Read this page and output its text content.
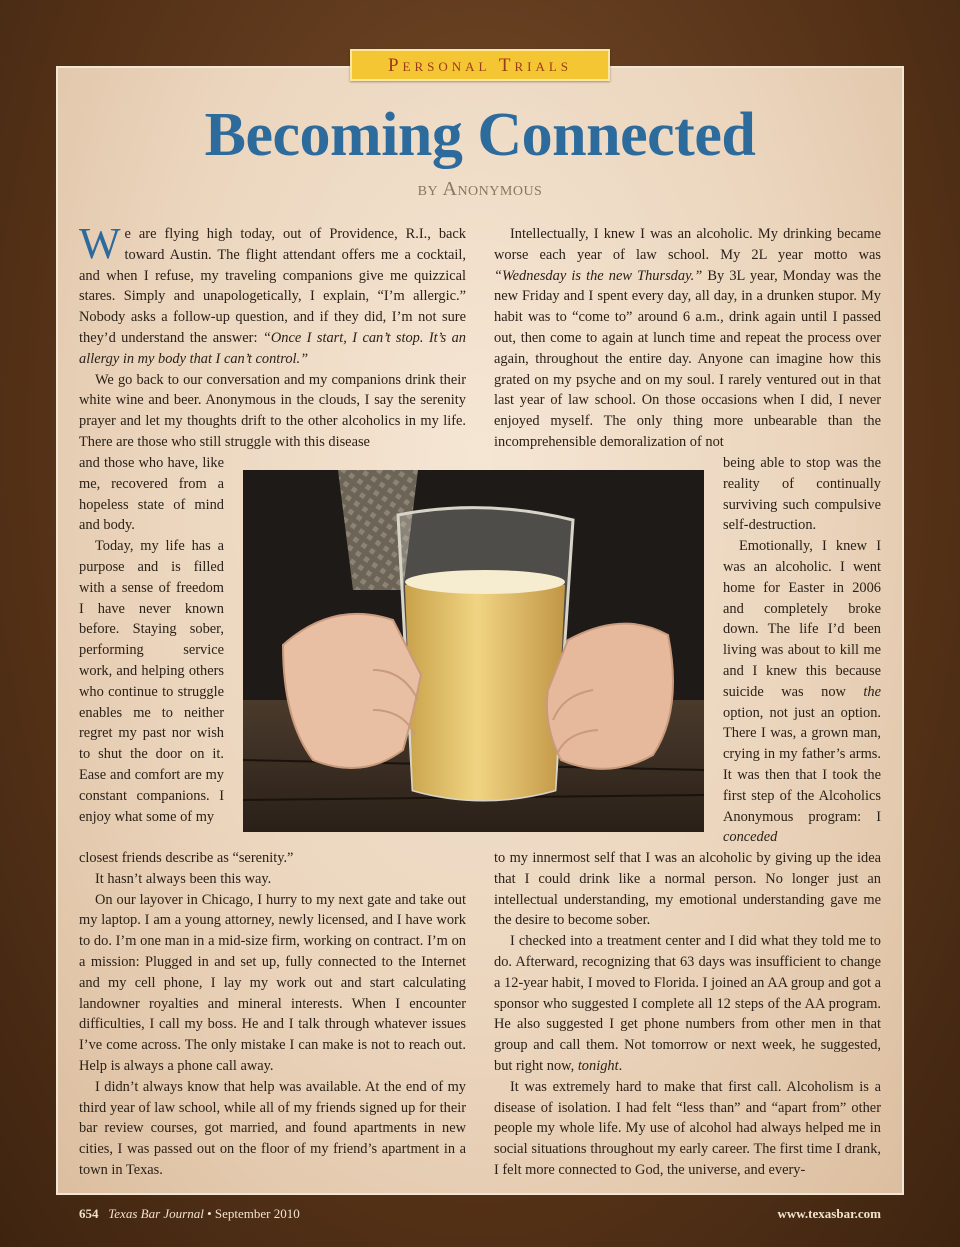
Personal Trials
Becoming Connected
by Anonymous

We are flying high today, out of Providence, R.I., back toward Austin. The flight attendant offers me a cocktail, and when I refuse, my traveling companions give me quizzical stares. Simply and unapologetically, I explain, “I’m allergic.” Nobody asks a follow-up question, and if they did, I’m not sure they’d understand the answer: “Once I start, I can’t stop. It’s an allergy in my body that I can’t control.”

We go back to our conversation and my companions drink their white wine and beer. Anonymous in the clouds, I say the serenity prayer and let my thoughts drift to the other alcoholics in my life. There are those who still struggle with this disease

and those who have, like me, recovered from a hopeless state of mind and body.

Today, my life has a purpose and is filled with a sense of freedom I have never known before. Staying sober, performing service work, and helping others who continue to struggle enables me to neither regret my past nor wish to shut the door on it. Ease and comfort are my constant companions. I enjoy what some of my

closest friends describe as “serenity.”

It hasn’t always been this way.

On our layover in Chicago, I hurry to my next gate and take out my laptop. I am a young attorney, newly licensed, and I have work to do. I’m one man in a mid-size firm, working on contract. I’m on a mission: Plugged in and set up, fully connected to the Internet and my cell phone, I lay my work out and start calculating landowner royalties and mineral interests. When I encounter difficulties, I call my boss. He and I talk through whatever issues I’ve come across. The only mistake I can make is not to reach out. Help is always a phone call away.

I didn’t always know that help was available. At the end of my third year of law school, while all of my friends signed up for their bar review courses, got married, and found apartments in new cities, I was passed out on the floor of my friend’s apartment in a town in Texas.

Intellectually, I knew I was an alcoholic. My drinking became worse each year of law school. My 2L year motto was “Wednesday is the new Thursday.” By 3L year, Monday was the new Friday and I spent every day, all day, in a drunken stupor. My habit was to “come to” around 6 a.m., drink again until I passed out, then come to again at lunch time and repeat the process over again, throughout the entire day. Anyone can imagine how this grated on my psyche and on my soul. I rarely ventured out in that last year of law school. On those occasions when I did, I never enjoyed myself. The only thing more unbearable than the incomprehensible demoralization of not

being able to stop was the reality of continually surviving such compulsive self-destruction.

Emotionally, I knew I was an alcoholic. I went home for Easter in 2006 and completely broke down. The life I’d been living was about to kill me and I knew this because suicide was now the option, not just an option. There I was, a grown man, crying in my father’s arms. It was then that I took the first step of the Alcoholics Anonymous program: I conceded

to my innermost self that I was an alcoholic by giving up the idea that I could drink like a normal person. No longer just an intellectual understanding, my emotional understanding gave me the desire to become sober.

I checked into a treatment center and I did what they told me to do. Afterward, recognizing that 63 days was insufficient to change a 12-year habit, I moved to Florida. I joined an AA group and got a sponsor who suggested I complete all 12 steps of the AA program. He also suggested I get phone numbers from other men in that group and call them. Not tomorrow or next week, he suggested, but right now, tonight.

It was extremely hard to make that first call. Alcoholism is a disease of isolation. I had felt “less than” and “apart from” other people my whole life. My use of alcohol had always helped me in social situations throughout my early career. The first time I drank, I felt more connected to God, the universe, and every-

654 Texas Bar Journal • September 2010	www.texasbar.com
